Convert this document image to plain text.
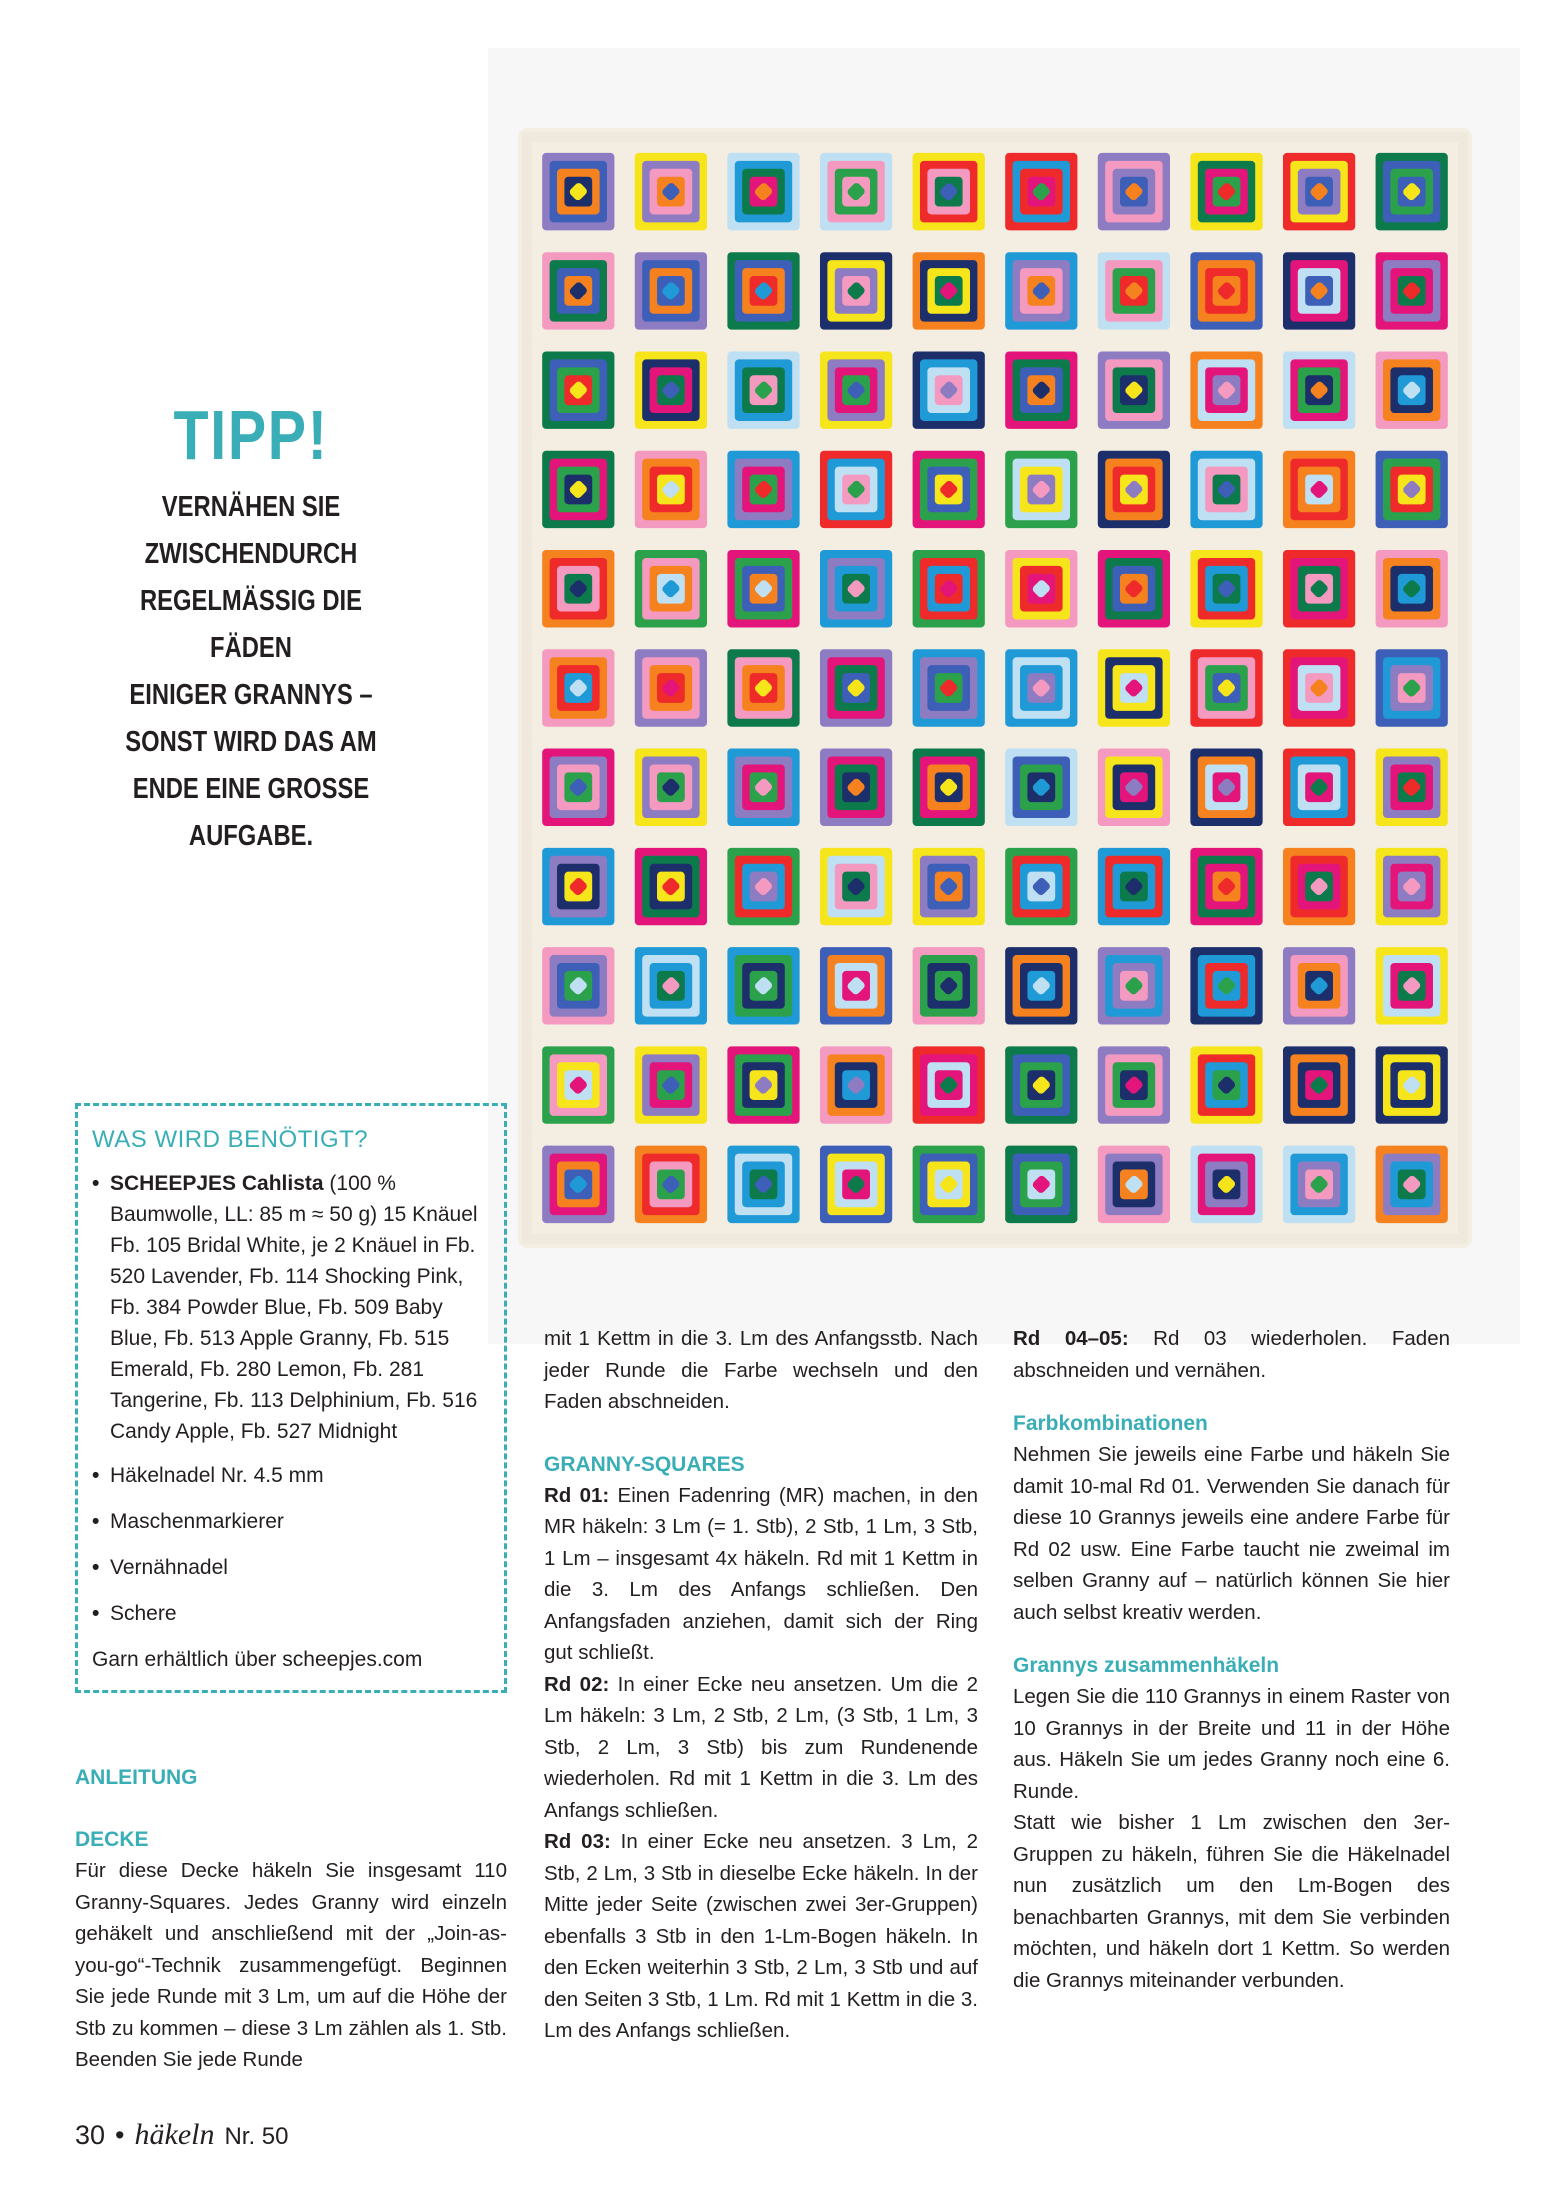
TIPP!
VERNÄHEN SIE
ZWISCHENDURCH
REGELMÄSSIG DIE FÄDEN
EINIGER GRANNYS –
SONST WIRD DAS AM
ENDE EINE GROSSE
AUFGABE.
WAS WIRD BENÖTIGT?
• SCHEEPJES Cahlista (100 % Baumwolle, LL: 85 m ≈ 50 g) 15 Knäuel Fb. 105 Bridal White, je 2 Knäuel in Fb. 520 Lavender, Fb. 114 Shocking Pink, Fb. 384 Powder Blue, Fb. 509 Baby Blue, Fb. 513 Apple Granny, Fb. 515 Emerald, Fb. 280 Lemon, Fb. 281 Tangerine, Fb. 113 Delphinium, Fb. 516 Candy Apple, Fb. 527 Midnight
• Häkelnadel Nr. 4.5 mm
• Maschenmarkierer
• Vernähnadel
• Schere
Garn erhältlich über scheepjes.com

ANLEITUNG

DECKE

Für diese Decke häkeln Sie insgesamt 110 Granny-Squares. Jedes Granny wird einzeln gehäkelt und anschließend mit der „Join-as-you-go“-Technik zusammengefügt. Beginnen Sie jede Runde mit 3 Lm, um auf die Höhe der Stb zu kommen – diese 3 Lm zählen als 1. Stb. Beenden Sie jede Runde

mit 1 Kettm in die 3. Lm des Anfangsstb. Nach jeder Runde die Farbe wechseln und den Faden abschneiden.

GRANNY-SQUARES

Rd 01: Einen Fadenring (MR) machen, in den MR häkeln: 3 Lm (= 1. Stb), 2 Stb, 1 Lm, 3 Stb, 1 Lm – insgesamt 4x häkeln. Rd mit 1 Kettm in die 3. Lm des Anfangs schließen. Den Anfangsfaden anziehen, damit sich der Ring gut schließt.

Rd 02: In einer Ecke neu ansetzen. Um die 2 Lm häkeln: 3 Lm, 2 Stb, 2 Lm, (3 Stb, 1 Lm, 3 Stb, 2 Lm, 3 Stb) bis zum Rundenende wiederholen. Rd mit 1 Kettm in die 3. Lm des Anfangs schließen.

Rd 03: In einer Ecke neu ansetzen. 3 Lm, 2 Stb, 2 Lm, 3 Stb in dieselbe Ecke häkeln. In der Mitte jeder Seite (zwischen zwei 3er-Gruppen) ebenfalls 3 Stb in den 1-Lm-Bogen häkeln. In den Ecken weiterhin 3 Stb, 2 Lm, 3 Stb und auf den Seiten 3 Stb, 1 Lm. Rd mit 1 Kettm in die 3. Lm des Anfangs schließen.

Rd 04–05: Rd 03 wiederholen. Faden abschneiden und vernähen.

Farbkombinationen

Nehmen Sie jeweils eine Farbe und häkeln Sie damit 10-mal Rd 01. Verwenden Sie danach für diese 10 Grannys jeweils eine andere Farbe für Rd 02 usw. Eine Farbe taucht nie zweimal im selben Granny auf – natürlich können Sie hier auch selbst kreativ werden.

Grannys zusammenhäkeln

Legen Sie die 110 Grannys in einem Raster von 10 Grannys in der Breite und 11 in der Höhe aus. Häkeln Sie um jedes Granny noch eine 6. Runde.

Statt wie bisher 1 Lm zwischen den 3er-Gruppen zu häkeln, führen Sie die Häkelnadel nun zusätzlich um den Lm-Bogen des benachbarten Grannys, mit dem Sie verbinden möchten, und häkeln dort 1 Kettm. So werden die Grannys miteinander verbunden.

30 • häkeln Nr. 50
